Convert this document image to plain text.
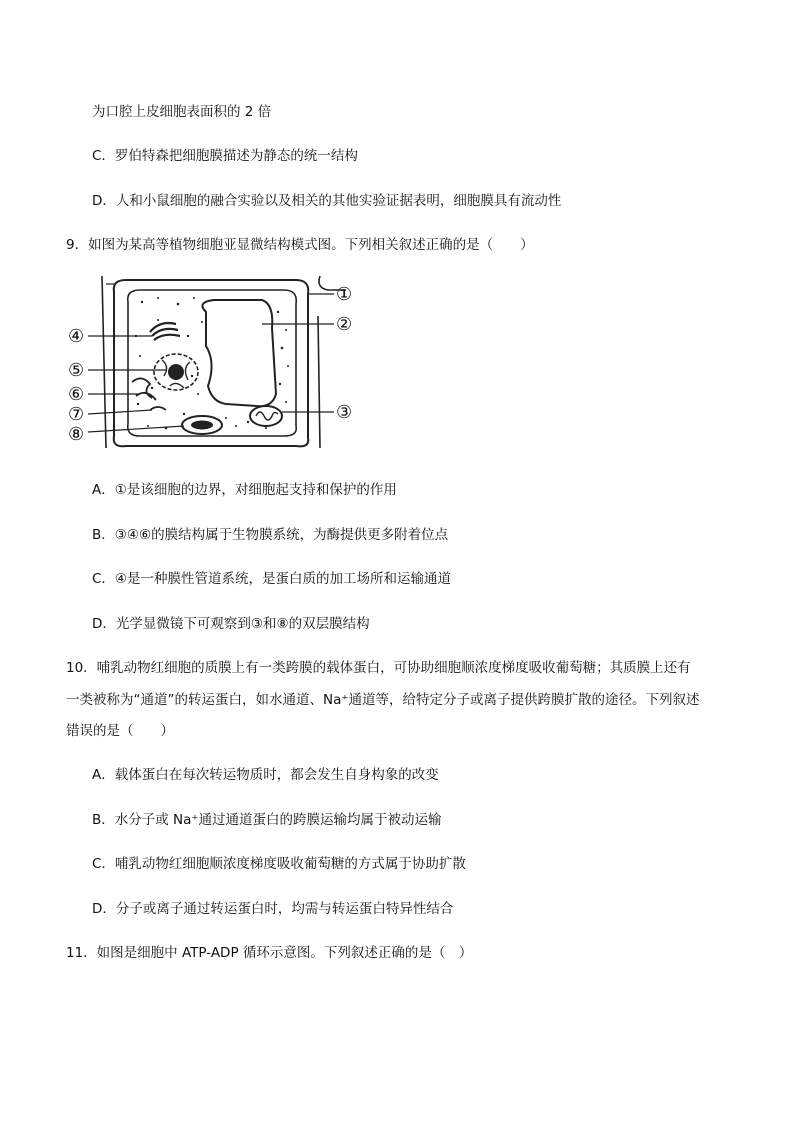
为口腔上皮细胞表面积的 2 倍
C．罗伯特森把细胞膜描述为静态的统一结构
D．人和小鼠细胞的融合实验以及相关的其他实验证据表明，细胞膜具有流动性
9．如图为某高等植物细胞亚显微结构模式图。下列相关叙述正确的是（　　）
①
②
③
④
⑤
⑥
⑦
⑧
A．①是该细胞的边界，对细胞起支持和保护的作用
B．③④⑥的膜结构属于生物膜系统，为酶提供更多附着位点
C．④是一种膜性管道系统，是蛋白质的加工场所和运输通道
D．光学显微镜下可观察到③和⑧的双层膜结构
10．哺乳动物红细胞的质膜上有一类跨膜的载体蛋白，可协助细胞顺浓度梯度吸收葡萄糖；其质膜上还有
一类被称为“通道”的转运蛋白，如水通道、Na⁺通道等，给特定分子或离子提供跨膜扩散的途径。下列叙述
错误的是（　　）
A．载体蛋白在每次转运物质时，都会发生自身构象的改变
B．水分子或 Na⁺通过通道蛋白的跨膜运输均属于被动运输
C．哺乳动物红细胞顺浓度梯度吸收葡萄糖的方式属于协助扩散
D．分子或离子通过转运蛋白时，均需与转运蛋白特异性结合
11．如图是细胞中 ATP-ADP 循环示意图。下列叙述正确的是（　）
